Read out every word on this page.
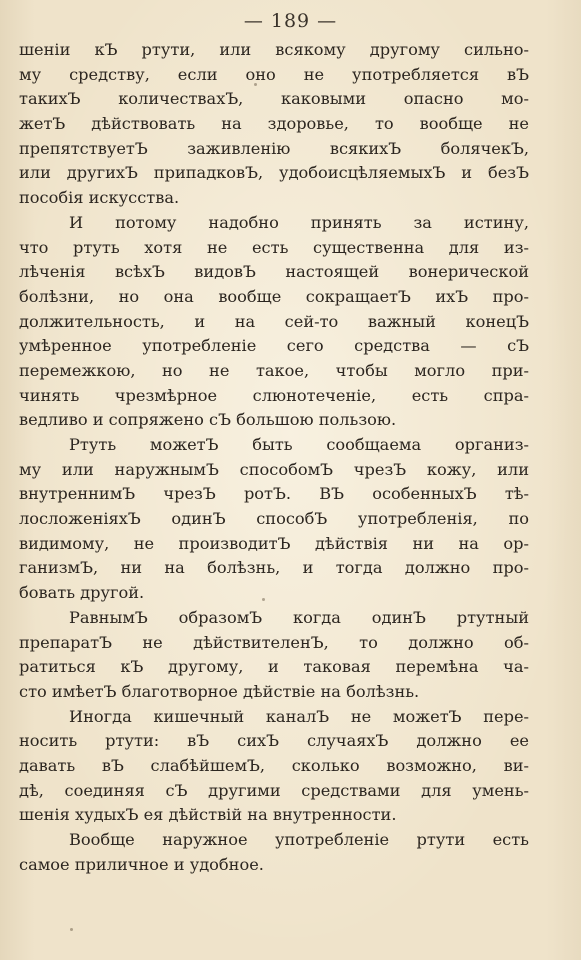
— 189 —
шеніи кЪ ртути, или всякому другому сильно-
му средству, если оно не употребляется вЪ
такихЪ количествахЪ, каковыми опасно мо-
жетЪ дѣйствовать на здоровье, то вообще не
препятствуетЪ заживленію всякихЪ болячекЪ,
или другихЪ припадковЪ, удобоисцѣляемыхЪ и безЪ
пособія искусства.
И потому надобно принять за истину,
что ртуть хотя не есть существенна для из-
лѣченія всѣхЪ видовЪ настоящей вонерической
болѣзни, но она вообще сокращаетЪ ихЪ про-
должительность, и на сей-то важный конецЪ
умѣренное употребленіе сего средства — сЪ
перемежкою, но не такое, чтобы могло при-
чинять чрезмѣрное слюнотеченіе, есть спра-
ведливо и сопряжено сЪ большою пользою.
Ртуть можетЪ быть сообщаема организ-
му или наружнымЪ способомЪ чрезЪ кожу, или
внутреннимЪ чрезЪ ротЪ. ВЪ особенныхЪ тѣ-
лосложеніяхЪ одинЪ способЪ употребленія, по
видимому, не производитЪ дѣйствія ни на ор-
ганизмЪ, ни на болѣзнь, и тогда должно про-
бовать другой.
РавнымЪ образомЪ когда одинЪ ртутный
препаратЪ не дѣйствителенЪ, то должно об-
ратиться кЪ другому, и таковая перемѣна ча-
сто имѣетЪ благотворное дѣйствіе на болѣзнь.
Иногда кишечный каналЪ не можетЪ пере-
носить ртути: вЪ сихЪ случаяхЪ должно ее
давать вЪ слабѣйшемЪ, сколько возможно, ви-
дѣ, соединяя сЪ другими средствами для умень-
шенія худыхЪ ея дѣйствій на внутренности.
Вообще наружное употребленіе ртути есть
самое приличное и удобное.
